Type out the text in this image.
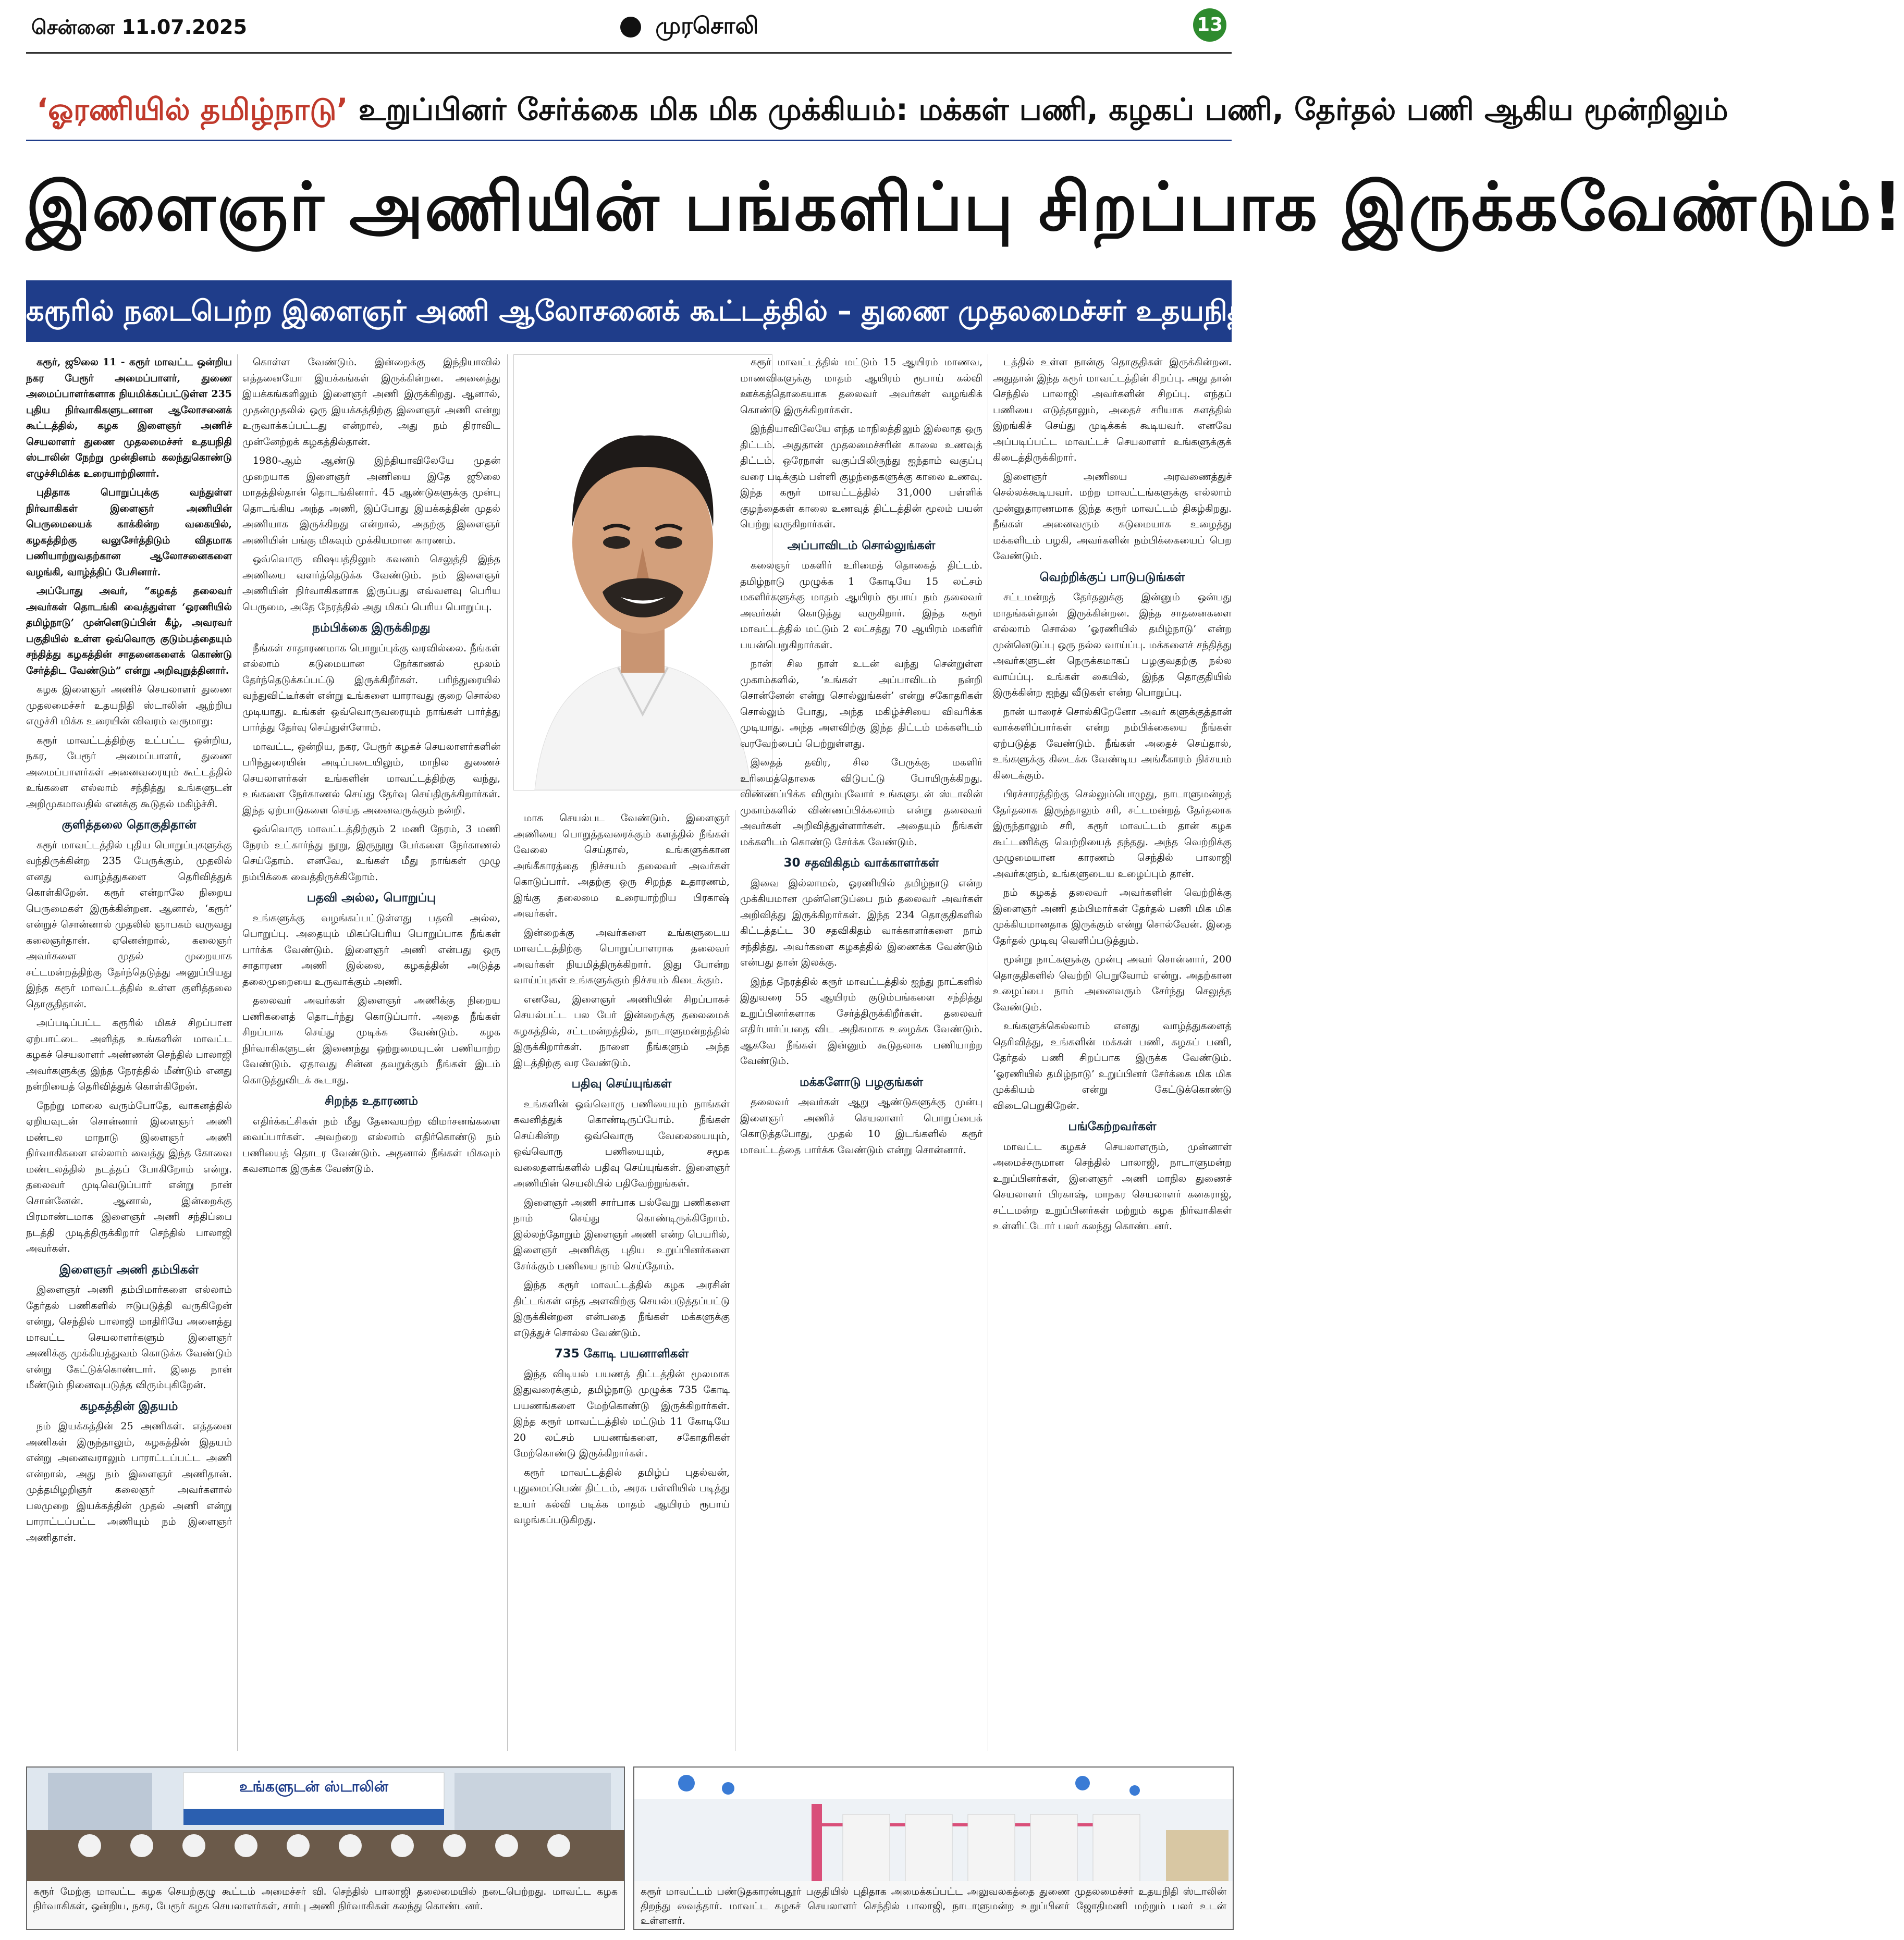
சென்னை 11.07.2025	முரசொலி	13
‘ஓரணியில் தமிழ்நாடு’ உறுப்பினர் சேர்க்கை மிக மிக முக்கியம்: மக்கள் பணி, கழகப் பணி, தேர்தல் பணி ஆகிய மூன்றிலும்
இளைஞர் அணியின் பங்களிப்பு சிறப்பாக இருக்கவேண்டும்!
கரூரில் நடைபெற்ற இளைஞர் அணி ஆலோசனைக் கூட்டத்தில் – துணை முதலமைச்சர் உதயநிதி ஸ்டாலின் எழுச்சிமிகு உரை!

கரூர், ஜூலை 11 - கரூர் மாவட்ட ஒன்றிய நகர பேரூர் அமைப்பாளர், துணை அமைப்பாளர்களாக நியமிக்கப்பட்டுள்ள 235 புதிய நிர்வாகிகளுடனான ஆலோசனைக் கூட்டத்தில், கழக இளைஞர் அணிச் செயலாளர் துணை முதலமைச்சர் உதயநிதி ஸ்டாலின் நேற்று முன்தினம் கலந்துகொண்டு எழுச்சிமிக்க உரையாற்றினார்.

புதிதாக பொறுப்புக்கு வந்துள்ள நிர்வாகிகள் இளைஞர் அணியின் பெருமையைக் காக்கின்ற வகையில், கழகத்திற்கு வலுசேர்த்திடும் விதமாக பணியாற்றுவதற்கான ஆலோசனைகளை வழங்கி, வாழ்த்திப் பேசினார்.

அப்போது அவர், “கழகத் தலைவர் அவர்கள் தொடங்கி வைத்துள்ள ‘ஓரணியில் தமிழ்நாடு’ முன்னெடுப்பின் கீழ், அவரவர் பகுதியில் உள்ள ஒவ்வொரு குடும்பத்தையும் சந்தித்து கழகத்தின் சாதனைகளைக் கொண்டு சேர்த்திட வேண்டும்” என்று அறிவுறுத்தினார்.

கழக இளைஞர் அணிச் செயலாளர் துணை முதலமைச்சர் உதயநிதி ஸ்டாலின் ஆற்றிய எழுச்சி மிக்க உரையின் விவரம் வருமாறு:

கரூர் மாவட்டத்திற்கு உட்பட்ட ஒன்றிய, நகர, பேரூர் அமைப்பாளர், துணை அமைப்பாளர்கள் அனைவரையும் கூட்டத்தில் உங்களை எல்லாம் சந்தித்து உங்களுடன் அறிமுகமாவதில் எனக்கு கூடுதல் மகிழ்ச்சி.

குளித்தலை தொகுதிதான்

கரூர் மாவட்டத்தில் புதிய பொறுப்புகளுக்கு வந்திருக்கின்ற 235 பேருக்கும், முதலில் எனது வாழ்த்துகளை தெரிவித்துக் கொள்கிறேன். கரூர் என்றாலே நிறைய பெருமைகள் இருக்கின்றன. ஆனால், ‘கரூர்’ என்றுச் சொன்னால் முதலில் ஞாபகம் வருவது கலைஞர்தான். ஏனென்றால், கலைஞர் அவர்களை முதல் முறையாக சட்டமன்றத்திற்கு தேர்ந்தெடுத்து அனுப்பியது இந்த கரூர் மாவட்டத்தில் உள்ள குளித்தலை தொகுதிதான்.

அப்படிப்பட்ட கரூரில் மிகச் சிறப்பான ஏற்பாட்டை அளித்த உங்களின் மாவட்ட கழகச் செயலாளர் அண்ணன் செந்தில் பாலாஜி அவர்களுக்கு இந்த நேரத்தில் மீண்டும் எனது நன்றியைத் தெரிவித்துக் கொள்கிறேன்.

நேற்று மாலை வரும்போதே, வாகனத்தில் ஏறியவுடன் சொன்னார் இளைஞர் அணி மண்டல மாநாடு இளைஞர் அணி நிர்வாகிகளை எல்லாம் வைத்து இந்த கோவை மண்டலத்தில் நடத்தப் போகிறோம் என்று. தலைவர் முடிவெடுப்பார் என்று நான் சொன்னேன். ஆனால், இன்றைக்கு பிரமாண்டமாக இளைஞர் அணி சந்திப்பை நடத்தி முடித்திருக்கிறார் செந்தில் பாலாஜி அவர்கள்.

இளைஞர் அணி தம்பிகள்

இளைஞர் அணி தம்பிமார்களை எல்லாம் தேர்தல் பணிகளில் ஈடுபடுத்தி வருகிறேன் என்று, செந்தில் பாலாஜி மாதிரியே அனைத்து மாவட்ட செயலாளர்களும் இளைஞர் அணிக்கு முக்கியத்துவம் கொடுக்க வேண்டும் என்று கேட்டுக்கொண்டார். இதை நான் மீண்டும் நினைவுபடுத்த விரும்புகிறேன்.

கழகத்தின் இதயம்

நம் இயக்கத்தின் 25 அணிகள். எத்தனை அணிகள் இருந்தாலும், கழகத்தின் இதயம் என்று அனைவராலும் பாராட்டப்பட்ட அணி என்றால், அது நம் இளைஞர் அணிதான். முத்தமிழறிஞர் கலைஞர் அவர்களால் பலமுறை இயக்கத்தின் முதல் அணி என்று பாராட்டப்பட்ட அணியும் நம் இளைஞர் அணிதான்.

கொள்ள வேண்டும். இன்றைக்கு இந்தியாவில் எத்தனையோ இயக்கங்கள் இருக்கின்றன. அனைத்து இயக்கங்களிலும் இளைஞர் அணி இருக்கிறது. ஆனால், முதன்முதலில் ஒரு இயக்கத்திற்கு இளைஞர் அணி என்று உருவாக்கப்பட்டது என்றால், அது நம் திராவிட முன்னேற்றக் கழகத்தில்தான்.

1980-ஆம் ஆண்டு இந்தியாவிலேயே முதன் முறையாக இளைஞர் அணியை இதே ஜூலை மாதத்தில்தான் தொடங்கினார். 45 ஆண்டுகளுக்கு முன்பு தொடங்கிய அந்த அணி, இப்போது இயக்கத்தின் முதல் அணியாக இருக்கிறது என்றால், அதற்கு இளைஞர் அணியின் பங்கு மிகவும் முக்கியமான காரணம்.

ஒவ்வொரு விஷயத்திலும் கவனம் செலுத்தி இந்த அணியை வளர்த்தெடுக்க வேண்டும். நம் இளைஞர் அணியின் நிர்வாகிகளாக இருப்பது எவ்வளவு பெரிய பெருமை, அதே நேரத்தில் அது மிகப் பெரிய பொறுப்பு.

நம்பிக்கை இருக்கிறது

நீங்கள் சாதாரணமாக பொறுப்புக்கு வரவில்லை. நீங்கள் எல்லாம் கடுமையான நேர்காணல் மூலம் தேர்ந்தெடுக்கப்பட்டு இருக்கிறீர்கள். பரிந்துரையில் வந்துவிட்டீர்கள் என்று உங்களை யாராவது குறை சொல்ல முடியாது. உங்கள் ஒவ்வொருவரையும் நாங்கள் பார்த்து பார்த்து தேர்வு செய்துள்ளோம்.

மாவட்ட, ஒன்றிய, நகர, பேரூர் கழகச் செயலாளர்களின் பரிந்துரையின் அடிப்படையிலும், மாநில துணைச் செயலாளர்கள் உங்களின் மாவட்டத்திற்கு வந்து, உங்களை நேர்காணல் செய்து தேர்வு செய்திருக்கிறார்கள். இந்த ஏற்பாடுகளை செய்த அனைவருக்கும் நன்றி.

ஒவ்வொரு மாவட்டத்திற்கும் 2 மணி நேரம், 3 மணி நேரம் உட்கார்ந்து நூறு, இருநூறு பேர்களை நேர்காணல் செய்தோம். எனவே, உங்கள் மீது நாங்கள் முழு நம்பிக்கை வைத்திருக்கிறோம்.

பதவி அல்ல, பொறுப்பு

உங்களுக்கு வழங்கப்பட்டுள்ளது பதவி அல்ல, பொறுப்பு. அதையும் மிகப்பெரிய பொறுப்பாக நீங்கள் பார்க்க வேண்டும். இளைஞர் அணி என்பது ஒரு சாதாரண அணி இல்லை, கழகத்தின் அடுத்த தலைமுறையை உருவாக்கும் அணி.

தலைவர் அவர்கள் இளைஞர் அணிக்கு நிறைய பணிகளைத் தொடர்ந்து கொடுப்பார். அதை நீங்கள் சிறப்பாக செய்து முடிக்க வேண்டும். கழக நிர்வாகிகளுடன் இணைந்து ஒற்றுமையுடன் பணியாற்ற வேண்டும். ஏதாவது சின்ன தவறுக்கும் நீங்கள் இடம் கொடுத்துவிடக் கூடாது.

சிறந்த உதாரணம்

எதிர்க்கட்சிகள் நம் மீது தேவையற்ற விமர்சனங்களை வைப்பார்கள். அவற்றை எல்லாம் எதிர்கொண்டு நம் பணியைத் தொடர வேண்டும். அதனால் நீங்கள் மிகவும் கவனமாக இருக்க வேண்டும்.

மாக செயல்பட வேண்டும். இளைஞர் அணியை பொறுத்தவரைக்கும் களத்தில் நீங்கள் வேலை செய்தால், உங்களுக்கான அங்கீகாரத்தை நிச்சயம் தலைவர் அவர்கள் கொடுப்பார். அதற்கு ஒரு சிறந்த உதாரணம், இங்கு தலைமை உரையாற்றிய பிரகாஷ் அவர்கள்.

இன்றைக்கு அவர்களை உங்களுடைய மாவட்டத்திற்கு பொறுப்பாளராக தலைவர் அவர்கள் நியமித்திருக்கிறார். இது போன்ற வாய்ப்புகள் உங்களுக்கும் நிச்சயம் கிடைக்கும்.

எனவே, இளைஞர் அணியின் சிறப்பாகச் செயல்பட்ட பல பேர் இன்றைக்கு தலைமைக் கழகத்தில், சட்டமன்றத்தில், நாடாளுமன்றத்தில் இருக்கிறார்கள். நாளை நீங்களும் அந்த இடத்திற்கு வர வேண்டும்.

பதிவு செய்யுங்கள்

உங்களின் ஒவ்வொரு பணியையும் நாங்கள் கவனித்துக் கொண்டிருப்போம். நீங்கள் செய்கின்ற ஒவ்வொரு வேலையையும், ஒவ்வொரு பணியையும், சமூக வலைதளங்களில் பதிவு செய்யுங்கள். இளைஞர் அணியின் செயலியில் பதிவேற்றுங்கள்.

இளைஞர் அணி சார்பாக பல்வேறு பணிகளை நாம் செய்து கொண்டிருக்கிறோம். இல்லந்தோறும் இளைஞர் அணி என்ற பெயரில், இளைஞர் அணிக்கு புதிய உறுப்பினர்களை சேர்க்கும் பணியை நாம் செய்தோம்.

இந்த கரூர் மாவட்டத்தில் கழக அரசின் திட்டங்கள் எந்த அளவிற்கு செயல்படுத்தப்பட்டு இருக்கின்றன என்பதை நீங்கள் மக்களுக்கு எடுத்துச் சொல்ல வேண்டும்.

735 கோடி பயனாளிகள்

இந்த விடியல் பயணத் திட்டத்தின் மூலமாக இதுவரைக்கும், தமிழ்நாடு முழுக்க 735 கோடி பயணங்களை மேற்கொண்டு இருக்கிறார்கள். இந்த கரூர் மாவட்டத்தில் மட்டும் 11 கோடியே 20 லட்சம் பயணங்களை, சகோதரிகள் மேற்கொண்டு இருக்கிறார்கள்.

கரூர் மாவட்டத்தில் தமிழ்ப் புதல்வன், புதுமைப்பெண் திட்டம், அரசு பள்ளியில் படித்து உயர் கல்வி படிக்க மாதம் ஆயிரம் ரூபாய் வழங்கப்படுகிறது.

கரூர் மாவட்டத்தில் மட்டும் 15 ஆயிரம் மாணவ, மாணவிகளுக்கு மாதம் ஆயிரம் ரூபாய் கல்வி ஊக்கத்தொகையாக தலைவர் அவர்கள் வழங்கிக் கொண்டு இருக்கிறார்கள்.

இந்தியாவிலேயே எந்த மாநிலத்திலும் இல்லாத ஒரு திட்டம். அதுதான் முதலமைச்சரின் காலை உணவுத் திட்டம். ஒரேநாள் வகுப்பிலிருந்து ஐந்தாம் வகுப்பு வரை படிக்கும் பள்ளி குழந்தைகளுக்கு காலை உணவு. இந்த கரூர் மாவட்டத்தில் 31,000 பள்ளிக் குழந்தைகள் காலை உணவுத் திட்டத்தின் மூலம் பயன் பெற்று வருகிறார்கள்.

அப்பாவிடம் சொல்லுங்கள்

கலைஞர் மகளிர் உரிமைத் தொகைத் திட்டம். தமிழ்நாடு முழுக்க 1 கோடியே 15 லட்சம் மகளிர்களுக்கு மாதம் ஆயிரம் ரூபாய் நம் தலைவர் அவர்கள் கொடுத்து வருகிறார். இந்த கரூர் மாவட்டத்தில் மட்டும் 2 லட்சத்து 70 ஆயிரம் மகளிர் பயன்பெறுகிறார்கள்.

நான் சில நாள் உடன் வந்து சென்றுள்ள முகாம்களில், ‘உங்கள் அப்பாவிடம் நன்றி சொன்னேன் என்று சொல்லுங்கள்’ என்று சகோதரிகள் சொல்லும் போது, அந்த மகிழ்ச்சியை விவரிக்க முடியாது. அந்த அளவிற்கு இந்த திட்டம் மக்களிடம் வரவேற்பைப் பெற்றுள்ளது.

இதைத் தவிர, சில பேருக்கு மகளிர் உரிமைத்தொகை விடுபட்டு போயிருக்கிறது. விண்ணப்பிக்க விரும்புவோர் உங்களுடன் ஸ்டாலின் முகாம்களில் விண்ணப்பிக்கலாம் என்று தலைவர் அவர்கள் அறிவித்துள்ளார்கள். அதையும் நீங்கள் மக்களிடம் கொண்டு சேர்க்க வேண்டும்.

30 சதவிகிதம் வாக்காளர்கள்

இவை இல்லாமல், ஓரணியில் தமிழ்நாடு என்ற முக்கியமான முன்னெடுப்பை நம் தலைவர் அவர்கள் அறிவித்து இருக்கிறார்கள். இந்த 234 தொகுதிகளில் கிட்டத்தட்ட 30 சதவிகிதம் வாக்காளர்களை நாம் சந்தித்து, அவர்களை கழகத்தில் இணைக்க வேண்டும் என்பது தான் இலக்கு.

இந்த நேரத்தில் கரூர் மாவட்டத்தில் ஐந்து நாட்களில் இதுவரை 55 ஆயிரம் குடும்பங்களை சந்தித்து உறுப்பினர்களாக சேர்த்திருக்கிறீர்கள். தலைவர் எதிர்பார்ப்பதை விட அதிகமாக உழைக்க வேண்டும். ஆகவே நீங்கள் இன்னும் கூடுதலாக பணியாற்ற வேண்டும்.

மக்களோடு பழகுங்கள்

தலைவர் அவர்கள் ஆறு ஆண்டுகளுக்கு முன்பு இளைஞர் அணிச் செயலாளர் பொறுப்பைக் கொடுத்தபோது, முதல் 10 இடங்களில் கரூர் மாவட்டத்தை பார்க்க வேண்டும் என்று சொன்னார்.

டத்தில் உள்ள நான்கு தொகுதிகள் இருக்கின்றன. அதுதான் இந்த கரூர் மாவட்டத்தின் சிறப்பு. அது தான் செந்தில் பாலாஜி அவர்களின் சிறப்பு. எந்தப் பணியை எடுத்தாலும், அதைச் சரியாக களத்தில் இறங்கிச் செய்து முடிக்கக் கூடியவர். எனவே அப்படிப்பட்ட மாவட்டச் செயலாளர் உங்களுக்குக் கிடைத்திருக்கிறார்.

இளைஞர் அணியை அரவணைத்துச் செல்லக்கூடியவர். மற்ற மாவட்டங்களுக்கு எல்லாம் முன்னுதாரணமாக இந்த கரூர் மாவட்டம் திகழ்கிறது. நீங்கள் அனைவரும் கடுமையாக உழைத்து மக்களிடம் பழகி, அவர்களின் நம்பிக்கையைப் பெற வேண்டும்.

வெற்றிக்குப் பாடுபடுங்கள்

சட்டமன்றத் தேர்தலுக்கு இன்னும் ஒன்பது மாதங்கள்தான் இருக்கின்றன. இந்த சாதனைகளை எல்லாம் சொல்ல ‘ஓரணியில் தமிழ்நாடு’ என்ற முன்னெடுப்பு ஒரு நல்ல வாய்ப்பு. மக்களைச் சந்தித்து அவர்களுடன் நெருக்கமாகப் பழகுவதற்கு நல்ல வாய்ப்பு. உங்கள் கையில், இந்த தொகுதியில் இருக்கின்ற ஐந்து வீடுகள் என்ற பொறுப்பு.

நான் யாரைச் சொல்கிறேனோ அவர் களுக்குத்தான் வாக்களிப்பார்கள் என்ற நம்பிக்கையை நீங்கள் ஏற்படுத்த வேண்டும். நீங்கள் அதைச் செய்தால், உங்களுக்கு கிடைக்க வேண்டிய அங்கீகாரம் நிச்சயம் கிடைக்கும்.

பிரச்சாரத்திற்கு செல்லும்பொழுது, நாடாளுமன்றத் தேர்தலாக இருந்தாலும் சரி, சட்டமன்றத் தேர்தலாக இருந்தாலும் சரி, கரூர் மாவட்டம் தான் கழக கூட்டணிக்கு வெற்றியைத் தந்தது. அந்த வெற்றிக்கு முழுமையான காரணம் செந்தில் பாலாஜி அவர்களும், உங்களுடைய உழைப்பும் தான்.

நம் கழகத் தலைவர் அவர்களின் வெற்றிக்கு இளைஞர் அணி தம்பிமார்கள் தேர்தல் பணி மிக மிக முக்கியமானதாக இருக்கும் என்று சொல்வேன். இதை தேர்தல் முடிவு வெளிப்படுத்தும்.

மூன்று நாட்களுக்கு முன்பு அவர் சொன்னார், 200 தொகுதிகளில் வெற்றி பெறுவோம் என்று. அதற்கான உழைப்பை நாம் அனைவரும் சேர்ந்து செலுத்த வேண்டும்.

உங்களுக்கெல்லாம் எனது வாழ்த்துகளைத் தெரிவித்து, உங்களின் மக்கள் பணி, கழகப் பணி, தேர்தல் பணி சிறப்பாக இருக்க வேண்டும். ‘ஓரணியில் தமிழ்நாடு’ உறுப்பினர் சேர்க்கை மிக மிக முக்கியம் என்று கேட்டுக்கொண்டு விடைபெறுகிறேன்.

பங்கேற்றவர்கள்

மாவட்ட கழகச் செயலாளரும், முன்னாள் அமைச்சருமான செந்தில் பாலாஜி, நாடாளுமன்ற உறுப்பினர்கள், இளைஞர் அணி மாநில துணைச் செயலாளர் பிரகாஷ், மாநகர செயலாளர் கனகராஜ், சட்டமன்ற உறுப்பினர்கள் மற்றும் கழக நிர்வாகிகள் உள்ளிட்டோர் பலர் கலந்து கொண்டனர்.

உங்களுடன் ஸ்டாலின்
கரூர் மேற்கு மாவட்ட கழக செயற்குழு கூட்டம் அமைச்சர் வி. செந்தில் பாலாஜி தலைமையில் நடைபெற்றது. மாவட்ட கழக நிர்வாகிகள், ஒன்றிய, நகர, பேரூர் கழக செயலாளர்கள், சார்பு அணி நிர்வாகிகள் கலந்து கொண்டனர்.
கரூர் மாவட்டம் பண்டுதகாரன்புதூர் பகுதியில் புதிதாக அமைக்கப்பட்ட அலுவலகத்தை துணை முதலமைச்சர் உதயநிதி ஸ்டாலின் திறந்து வைத்தார். மாவட்ட கழகச் செயலாளர் செந்தில் பாலாஜி, நாடாளுமன்ற உறுப்பினர் ஜோதிமணி மற்றும் பலர் உடன் உள்ளனர்.
